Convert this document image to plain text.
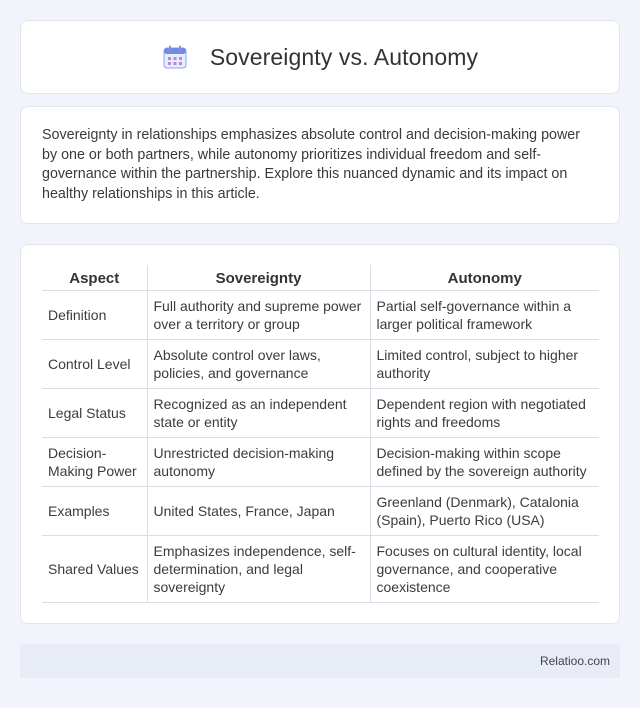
Sovereignty vs. Autonomy

Sovereignty in relationships emphasizes absolute control and decision-making power by one or both partners, while autonomy prioritizes individual freedom and self-governance within the partnership. Explore this nuanced dynamic and its impact on healthy relationships in this article.

Aspect	Sovereignty	Autonomy
Definition	Full authority and supreme power over a territory or group	Partial self-governance within a larger political framework
Control Level	Absolute control over laws, policies, and governance	Limited control, subject to higher authority
Legal Status	Recognized as an independent state or entity	Dependent region with negotiated rights and freedoms
Decision-Making Power	Unrestricted decision-making autonomy	Decision-making within scope defined by the sovereign authority
Examples	United States, France, Japan	Greenland (Denmark), Catalonia (Spain), Puerto Rico (USA)
Shared Values	Emphasizes independence, self-determination, and legal sovereignty	Focuses on cultural identity, local governance, and cooperative coexistence
Relatioo.com
